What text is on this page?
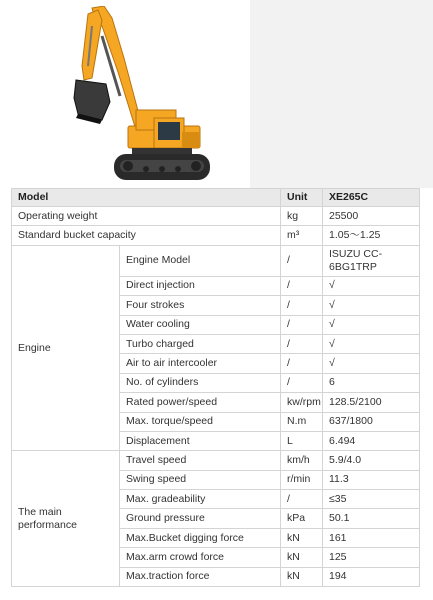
Model		Unit	XE265C
Operating weight		kg	25500
Standard bucket capacity		m³	1.05～1.25
Engine	Engine Model	/	ISUZU CC-6BG1TRP
	Direct injection	/	√
	Four strokes	/	√
	Water cooling	/	√
	Turbo charged	/	√
	Air to air intercooler	/	√
	No. of cylinders	/	6
	Rated power/speed	kw/rpm	128.5/2100
	Max. torque/speed	N.m	637/1800
	Displacement	L	6.494
The main performance	Travel speed	km/h	5.9/4.0
	Swing speed	r/min	11.3
	Max. gradeability	/	≤35
	Ground pressure	kPa	50.1
	Max.Bucket digging force	kN	161
	Max.arm crowd force	kN	125
	Max.traction force	kN	194
